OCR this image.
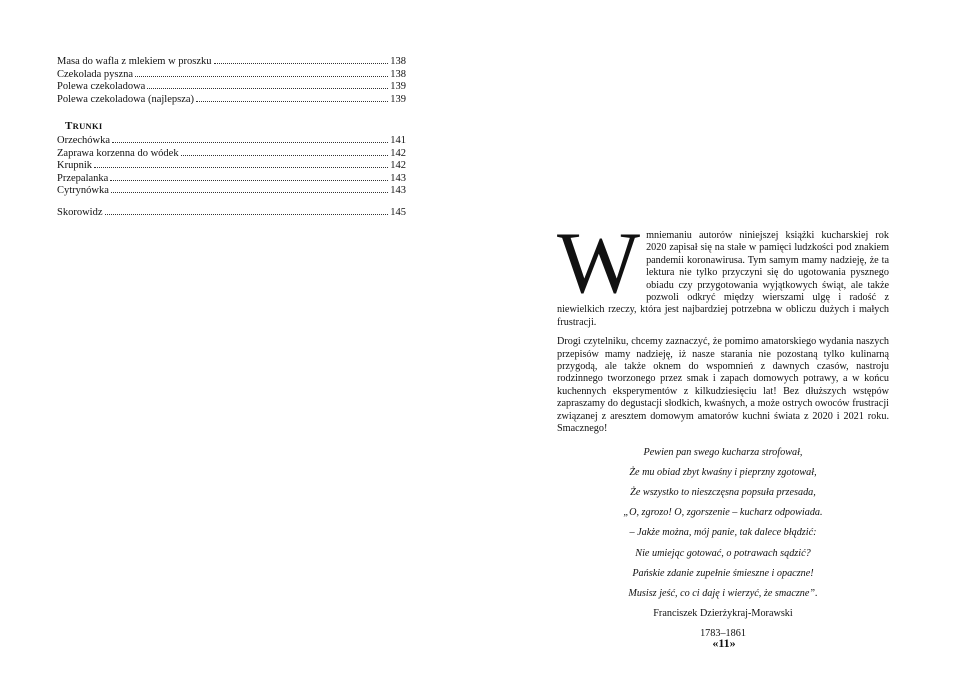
Masa do wafla z mlekiem w proszku	138
Czekolada pyszna	138
Polewa czekoladowa	139
Polewa czekoladowa (najlepsza)	139
TRUNKI
Orzechówka	141
Zaprawa korzenna do wódek	142
Krupnik	142
Przepalanka	143
Cytrynówka	143
Skorowidz	145

Wmniemaniu autorów niniejszej książki kucharskiej rok 2020 zapisał się na stałe w pamięci ludzkości pod znakiem pandemii koronawirusa. Tym samym mamy nadzieję, że ta lektura nie tylko przyczyni się do ugotowania pysznego obiadu czy przygotowania wyjątkowych świąt, ale także pozwoli odkryć między wierszami ulgę i radość z niewielkich rzeczy, która jest najbardziej potrzebna w obliczu dużych i małych frustracji.

Drogi czytelniku, chcemy zaznaczyć, że pomimo amatorskiego wydania naszych przepisów mamy nadzieję, iż nasze starania nie pozostaną tylko kulinarną przygodą, ale także oknem do wspomnień z dawnych czasów, nastroju rodzinnego tworzonego przez smak i zapach domowych potrawy, a w końcu kuchennych eksperymentów z kilkudziesięciu lat! Bez dłuższych wstępów zapraszamy do degustacji słodkich, kwaśnych, a może ostrych owoców frustracji związanej z aresztem domowym amatorów kuchni świata z 2020 i 2021 roku. Smacznego!

Pewien pan swego kucharza strofował,
Że mu obiad zbyt kwaśny i pieprzny zgotował,
Że wszystko to nieszczęsna popsuła przesada,
„O, zgrozo! O, zgorszenie – kucharz odpowiada.
– Jakże można, mój panie, tak dalece błądzić:
Nie umiejąc gotować, o potrawach sądzić?
Pańskie zdanie zupełnie śmieszne i opaczne!
Musisz jeść, co ci daję i wierzyć, że smaczne”.
Franciszek Dzierżykraj-Morawski
1783–1861
«11»
